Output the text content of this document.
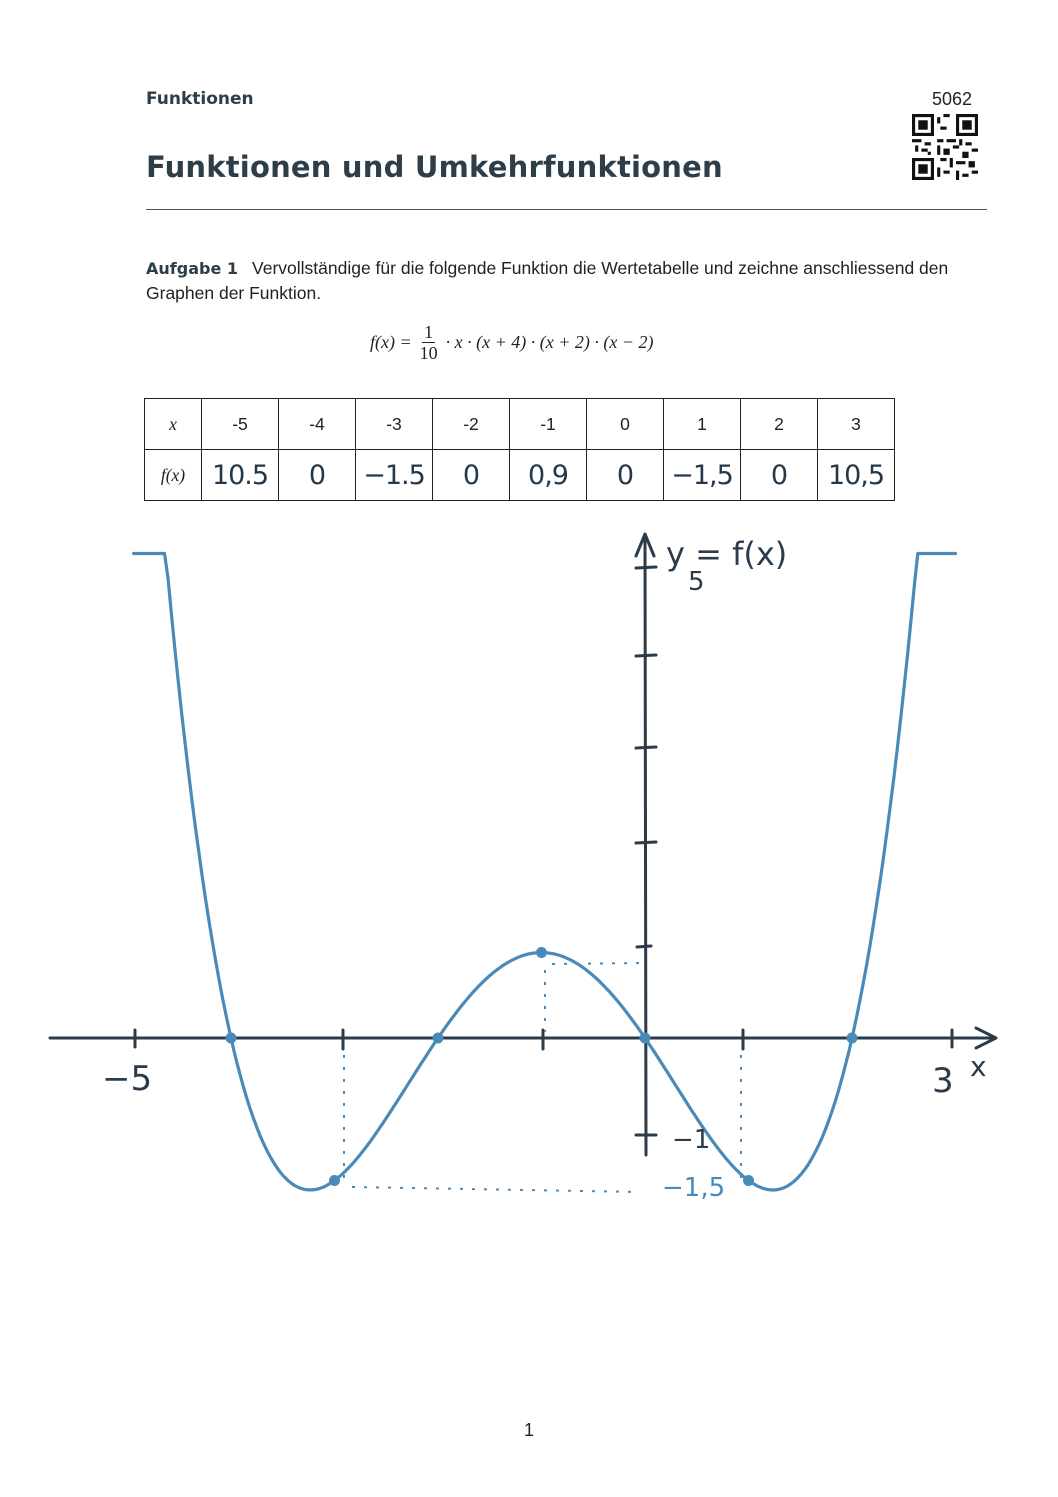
Funktionen	5062
Funktionen und Umkehrfunktionen
Aufgabe 1 Vervollständige für die folgende Funktion die Wertetabelle und zeichne anschliessend den Graphen der Funktion.
$f(x) = \frac{1}{10} \cdot x \cdot (x + 4) \cdot (x + 2) \cdot (x - 2)$
x	-5	-4	-3	-2	-1	0	1	2	3
f(x)	10.5	0	−1.5	0	0,9	0	−1,5	0	10,5
y = f(x)
5
x
−5	3
−1
−1,5
1
